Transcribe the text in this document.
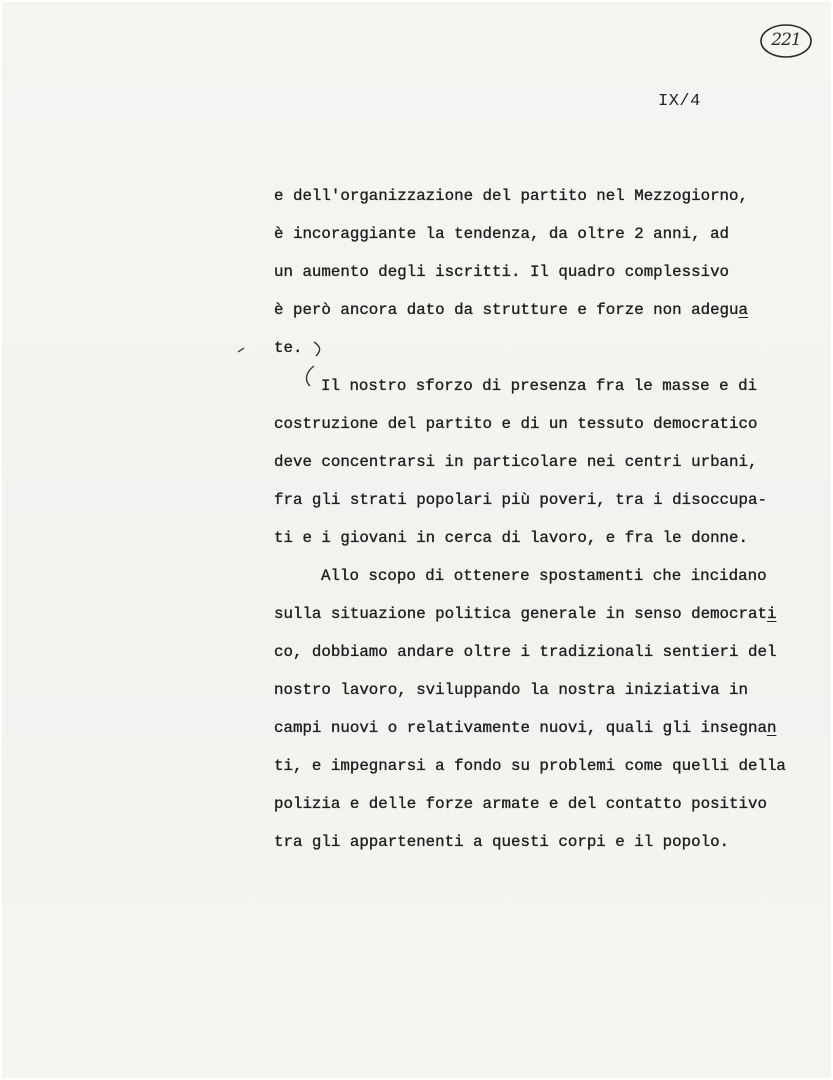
221
IX/4
e dell'organizzazione del partito nel Mezzogiorno,
è incoraggiante la tendenza, da oltre 2 anni, ad
un aumento degli iscritti. Il quadro complessivo
è però ancora dato da strutture e forze non adegua
te.
Il nostro sforzo di presenza fra le masse e di
costruzione del partito e di un tessuto democratico
deve concentrarsi in particolare nei centri urbani,
fra gli strati popolari più poveri, tra i disoccupa-
ti e i giovani in cerca di lavoro, e fra le donne.
Allo scopo di ottenere spostamenti che incidano
sulla situazione politica generale in senso democrati
co, dobbiamo andare oltre i tradizionali sentieri del
nostro lavoro, sviluppando la nostra iniziativa in
campi nuovi o relativamente nuovi, quali gli insegnan
ti, e impegnarsi a fondo su problemi come quelli della
polizia e delle forze armate e del contatto positivo
tra gli appartenenti a questi corpi e il popolo.
